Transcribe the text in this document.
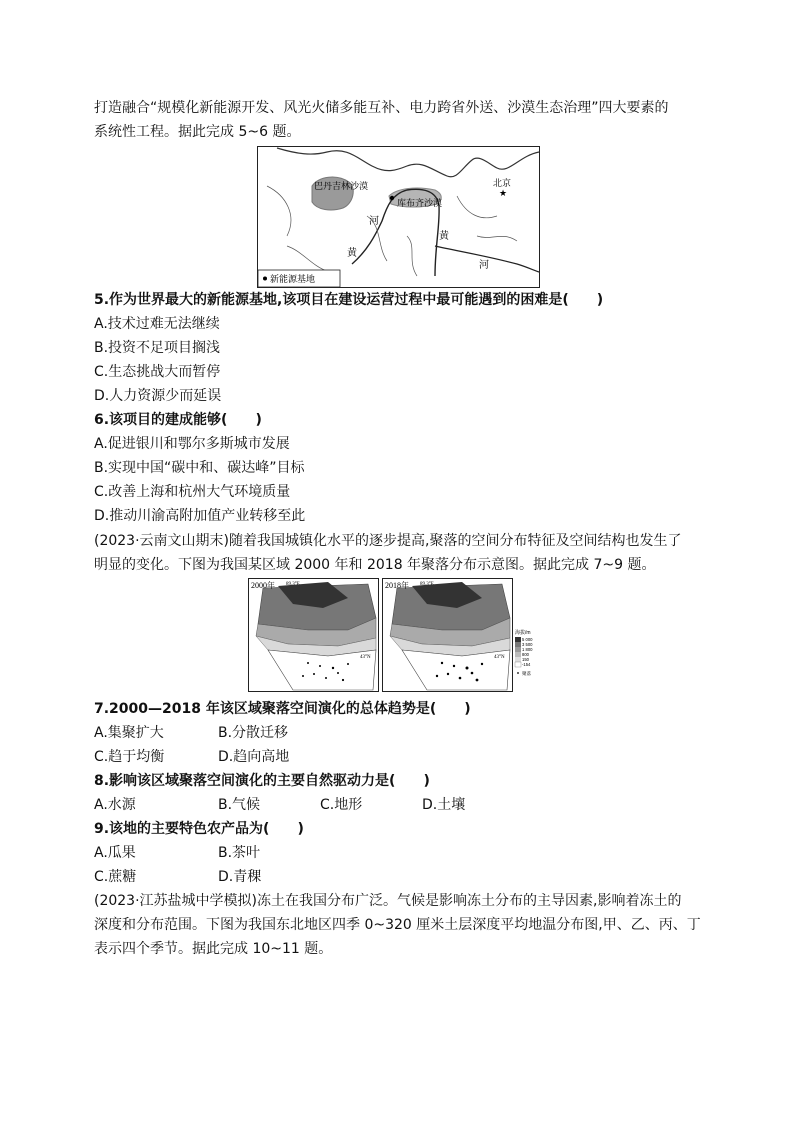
打造融合“规模化新能源开发、风光火储多能互补、电力跨省外送、沙漠生态治理”四大要素的
系统性工程。据此完成 5~6 题。
巴丹吉林沙漠
库布齐沙漠
北京
★
河
黄
黄
河
新能源基地
5.作为世界最大的新能源基地,该项目在建设运营过程中最可能遇到的困难是(　　)
A.技术过难无法继续
B.投资不足项目搁浅
C.生态挑战大而暂停
D.人力资源少而延误
6.该项目的建成能够(　　)
A.促进银川和鄂尔多斯城市发展
B.实现中国“碳中和、碳达峰”目标
C.改善上海和杭州大气环境质量
D.推动川渝高附加值产业转移至此
(2023·云南文山期末)随着我国城镇化水平的逐步提高,聚落的空间分布特征及空间结构也发生了
明显的变化。下图为我国某区域 2000 年和 2018 年聚落分布示意图。据此完成 7~9 题。
2000年 89.3°E
43°N
2018年 89.3°E
43°N
海拔/m
5 000
3 500
1 800
800
150
-154
聚落
7.2000—2018 年该区域聚落空间演化的总体趋势是(　　)
A.集聚扩大	B.分散迁移
C.趋于均衡	D.趋向高地
8.影响该区域聚落空间演化的主要自然驱动力是(　　)
A.水源	B.气候	C.地形	D.土壤
9.该地的主要特色农产品为(　　)
A.瓜果	B.茶叶
C.蔗糖	D.青稞
(2023·江苏盐城中学模拟)冻土在我国分布广泛。气候是影响冻土分布的主导因素,影响着冻土的
深度和分布范围。下图为我国东北地区四季 0~320 厘米土层深度平均地温分布图,甲、乙、丙、丁
表示四个季节。据此完成 10~11 题。
